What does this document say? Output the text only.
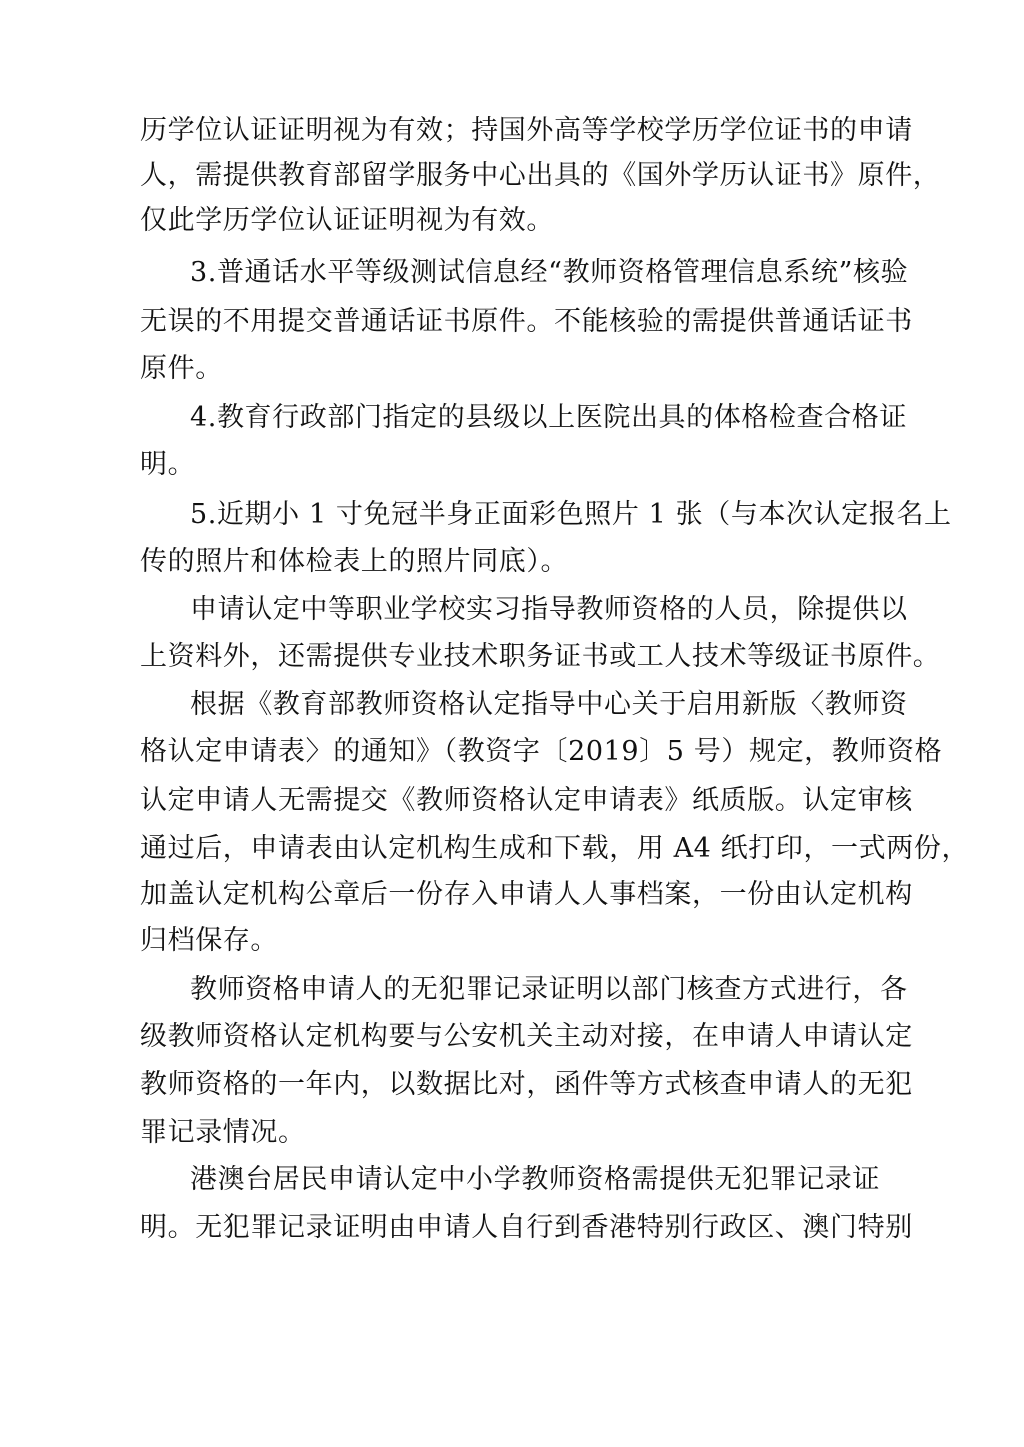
历学位认证证明视为有效；持国外高等学校学历学位证书的申请
人，需提供教育部留学服务中心出具的《国外学历认证书》原件，
仅此学历学位认证证明视为有效。
3.普通话水平等级测试信息经“教师资格管理信息系统”核验
无误的不用提交普通话证书原件。不能核验的需提供普通话证书
原件。
4.教育行政部门指定的县级以上医院出具的体格检查合格证
明。
5.近期小 1 寸免冠半身正面彩色照片 1 张（与本次认定报名上
传的照片和体检表上的照片同底）。
申请认定中等职业学校实习指导教师资格的人员，除提供以
上资料外，还需提供专业技术职务证书或工人技术等级证书原件。
根据《教育部教师资格认定指导中心关于启用新版〈教师资
格认定申请表〉的通知》（教资字〔2019〕5 号）规定，教师资格
认定申请人无需提交《教师资格认定申请表》纸质版。认定审核
通过后，申请表由认定机构生成和下载，用 A4 纸打印，一式两份，
加盖认定机构公章后一份存入申请人人事档案，一份由认定机构
归档保存。
教师资格申请人的无犯罪记录证明以部门核查方式进行，各
级教师资格认定机构要与公安机关主动对接，在申请人申请认定
教师资格的一年内，以数据比对，函件等方式核查申请人的无犯
罪记录情况。
港澳台居民申请认定中小学教师资格需提供无犯罪记录证
明。无犯罪记录证明由申请人自行到香港特别行政区、澳门特别
